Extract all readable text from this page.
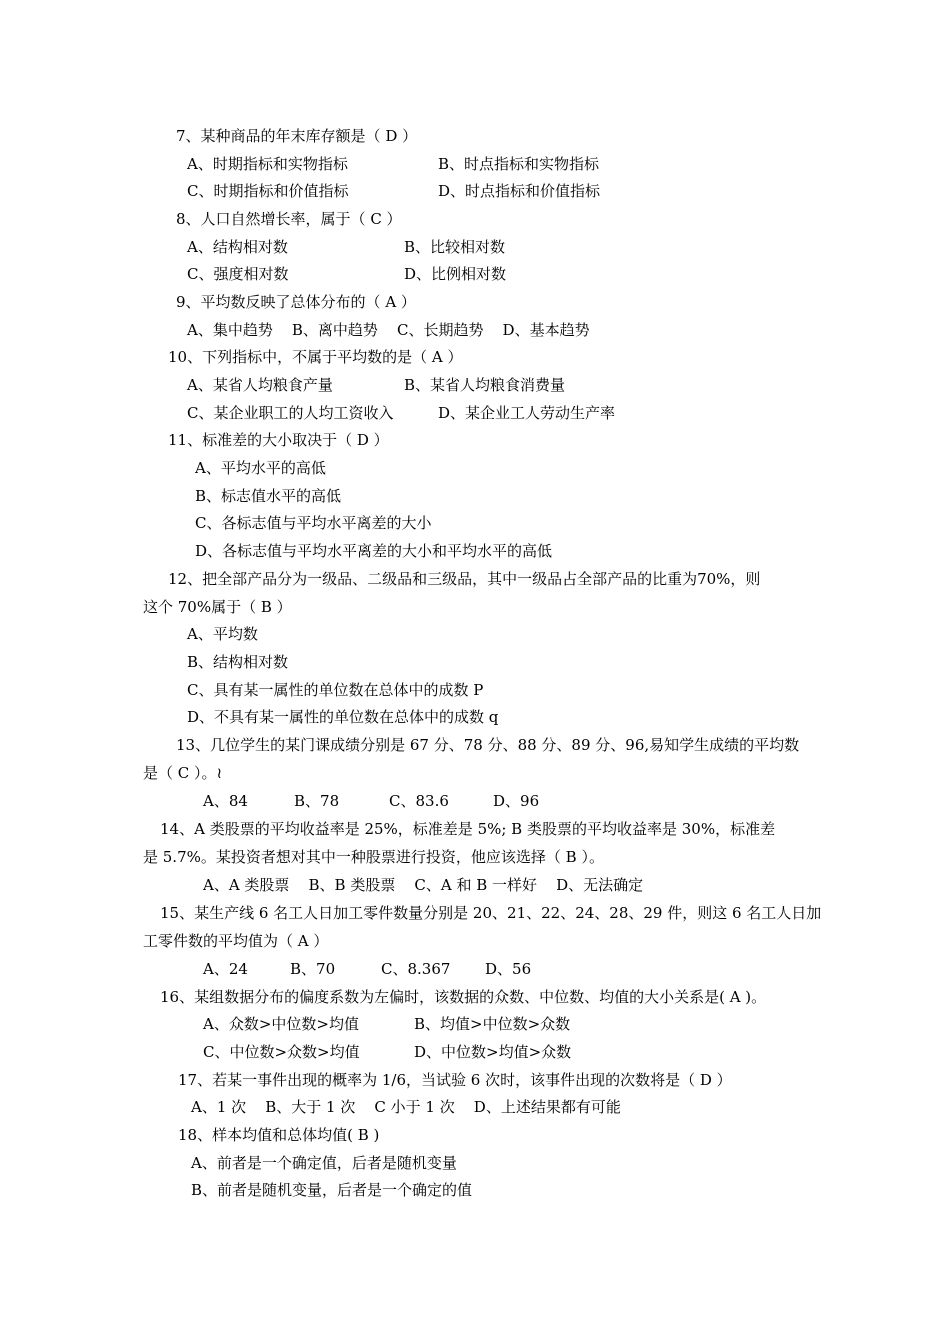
7、某种商品的年末库存额是（ D ）
A、时期指标和实物指标	B、时点指标和实物指标
C、时期指标和价值指标	D、时点指标和价值指标
8、人口自然增长率，属于（ C ）
A、结构相对数	B、比较相对数
C、强度相对数	D、比例相对数
9、平均数反映了总体分布的（ A ）
A、集中趋势    B、离中趋势    C、长期趋势    D、基本趋势
10、下列指标中，不属于平均数的是（ A ）
A、某省人均粮食产量	B、某省人均粮食消费量
C、某企业职工的人均工资收入	D、某企业工人劳动生产率
11、标准差的大小取决于（ D ）
A、平均水平的高低
B、标志值水平的高低
C、各标志值与平均水平离差的大小
D、各标志值与平均水平离差的大小和平均水平的高低
12、把全部产品分为一级品、二级品和三级品，其中一级品占全部产品的比重为70%，则
这个 70%属于（ B ）
A、平均数
B、结构相对数
C、具有某一属性的单位数在总体中的成数 P
D、不具有某一属性的单位数在总体中的成数 q
13、几位学生的某门课成绩分别是 67 分、78 分、88 分、89 分、96,易知学生成绩的平均数
是（ C ）。≀
A、84	B、78	C、83.6	D、96
14、A 类股票的平均收益率是 25%，标准差是 5%; B 类股票的平均收益率是 30%，标准差
是 5.7%。某投资者想对其中一种股票进行投资，他应该选择（ B ）。
A、A 类股票    B、B 类股票    C、A 和 B 一样好    D、无法确定
15、某生产线 6 名工人日加工零件数量分别是 20、21、22、24、28、29 件，则这 6 名工人日加
工零件数的平均值为（ A ）
A、24	B、70	C、8.367 D、56
16、某组数据分布的偏度系数为左偏时，该数据的众数、中位数、均值的大小关系是( A )。
A、众数>中位数>均值	B、均值>中位数>众数
C、中位数>众数>均值	D、中位数>均值>众数
17、若某一事件出现的概率为 1/6，当试验 6 次时，该事件出现的次数将是（ D ）
A、1 次    B、大于 1 次    C 小于 1 次    D、上述结果都有可能
18、样本均值和总体均值( B )
A、前者是一个确定值，后者是随机变量
B、前者是随机变量，后者是一个确定的值
